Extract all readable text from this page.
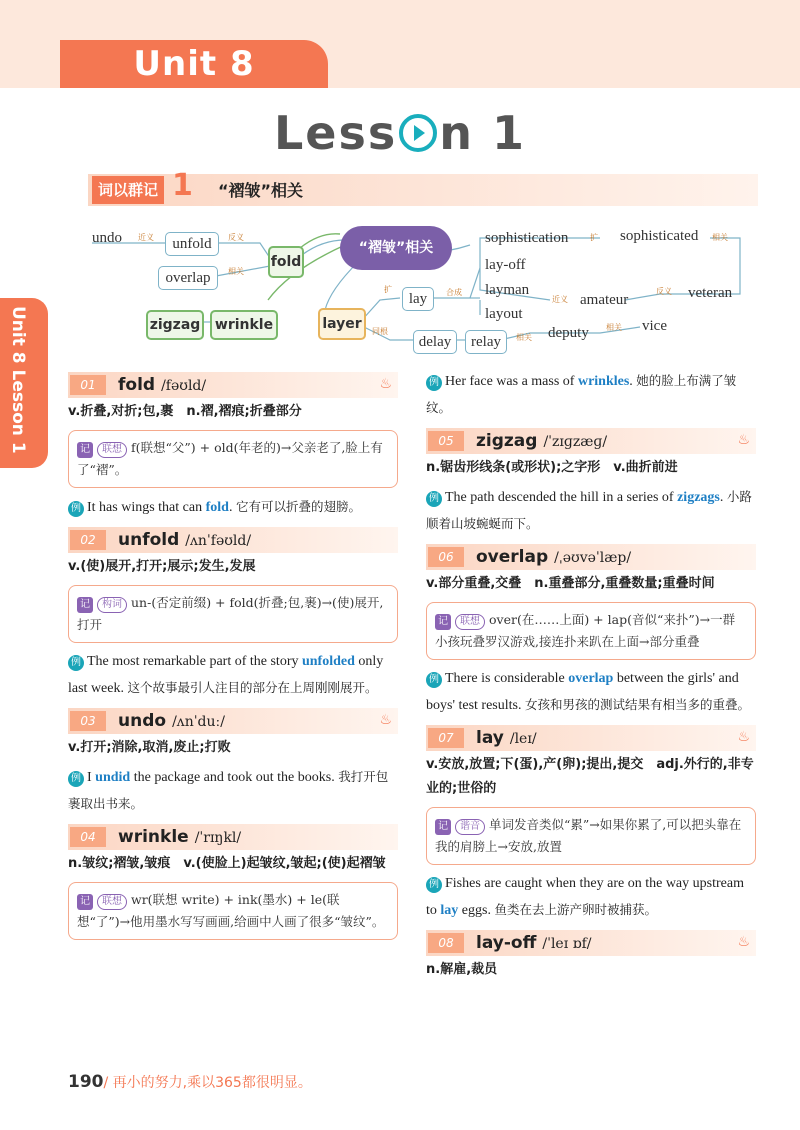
Unit 8
Less n 1
Unit 8 Lesson 1
词以群记 1 “褶皱”相关
undo 近义	unfold	反义
overlap	相关
fold
“褶皱”相关
zigzag	wrinkle	layer
扩
lay	合成
sophistication	扩 sophisticated 相关
lay-off
layman
近义 amateur
反义 veteran
layout
同根
delay	relay	相关 deputy 相关 vice
01	fold /fəʊld/	♨
v.折叠,对折;包,裹　n.褶,褶痕;折叠部分
记 联想 f(联想“父”) + old(年老的)→父亲老了,脸上有了“褶”。
例 It has wings that can fold. 它有可以折叠的翅膀。
02	unfold /ʌnˈfəʊld/
v.(使)展开,打开;展示;发生,发展
记 构词 un-(否定前缀) + fold(折叠;包,裹)→(使)展开,打开
例 The most remarkable part of the story unfolded only last week. 这个故事最引人注目的部分在上周刚刚展开。
03	undo /ʌnˈduː/	♨
v.打开;消除,取消,废止;打败
例 I undid the package and took out the books. 我打开包裹取出书来。
04	wrinkle /ˈrɪŋkl/
n.皱纹;褶皱,皱痕　v.(使脸上)起皱纹,皱起;(使)起褶皱
记 联想 wr(联想 write) + ink(墨水) + le(联想“了”)→他用墨水写写画画,给画中人画了很多“皱纹”。
例 Her face was a mass of wrinkles. 她的脸上布满了皱纹。
05	zigzag /ˈzɪɡzæɡ/	♨
n.锯齿形线条(或形状);之字形　v.曲折前进
例 The path descended the hill in a series of zigzags. 小路顺着山坡蜿蜒而下。
06	overlap /ˌəʊvəˈlæp/
v.部分重叠,交叠　n.重叠部分,重叠数量;重叠时间
记 联想 over(在……上面) + lap(音似“来扑”)→一群小孩玩叠罗汉游戏,接连扑来趴在上面→部分重叠
例 There is considerable overlap between the girls' and boys' test results. 女孩和男孩的测试结果有相当多的重叠。
07	lay /leɪ/	♨
v.安放,放置;下(蛋),产(卵);提出,提交　adj.外行的,非专业的;世俗的
记 谐音 单词发音类似“累”→如果你累了,可以把头靠在我的肩膀上→安放,放置
例 Fishes are caught when they are on the way upstream to lay eggs. 鱼类在去上游产卵时被捕获。
08	lay-off /ˈleɪ ɒf/	♨
n.解雇,裁员
190/ 再小的努力,乘以365都很明显。
